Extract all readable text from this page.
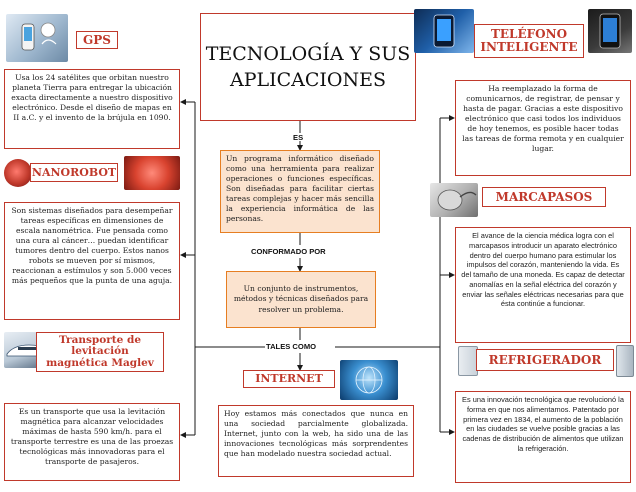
TECNOLOGÍA Y SUS APLICACIONES
ES
CONFORMADO POR
TALES COMO
Un programa informático diseñado como una herramienta para realizar operaciones o funciones específicas. Son diseñadas para facilitar ciertas tareas complejas y hacer más sencilla la experiencia informática de las personas.
Un conjunto de instrumentos, métodos y técnicas diseñados para resolver un problema.
GPS
Usa los 24 satélites que orbitan nuestro planeta Tierra para entregar la ubicación exacta directamente a nuestro dispositivo electrónico. Desde el diseño de mapas en II a.C. y el invento de la brújula en 1090.
NANOROBOT
Son sistemas diseñados para desempeñar tareas específicas en dimensiones de escala nanométrica. Fue pensada como una cura al cáncer… puedan identificar tumores dentro del cuerpo. Estos nanos robots se mueven por sí mismos, reaccionan a estímulos y son 5.000 veces más pequeños que la punta de una aguja.
Transporte de levitación magnética Maglev
Es un transporte que usa la levitación magnética para alcanzar velocidades máximas de hasta 590 km/h. para el transporte terrestre es una de las proezas tecnológicas más innovadoras para el transporte de pasajeros.
INTERNET
Hoy estamos más conectados que nunca en una sociedad parcialmente globalizada. Internet, junto con la web, ha sido una de las innovaciones tecnológicas más sorprendentes que han modelado nuestra sociedad actual.
TELÉFONO INTELIGENTE
Ha reemplazado la forma de comunicarnos, de registrar, de pensar y hasta de pagar. Gracias a este dispositivo electrónico que casi todos los individuos de hoy tenemos, es posible hacer todas las tareas de forma remota y en cualquier lugar.
MARCAPASOS
El avance de la ciencia médica logra con el marcapasos introducir un aparato electrónico dentro del cuerpo humano para estimular los impulsos del corazón, manteniendo la vida. Es del tamaño de una moneda. Es capaz de detectar anomalías en la señal eléctrica del corazón y enviar las señales eléctricas necesarias para que ésta continúe a funcionar.
REFRIGERADOR
Es una innovación tecnológica que revolucionó la forma en que nos alimentamos. Patentado por primera vez en 1834, el aumento de la población en las ciudades se vuelve posible gracias a las cadenas de distribución de alimentos que utilizan la refrigeración.
